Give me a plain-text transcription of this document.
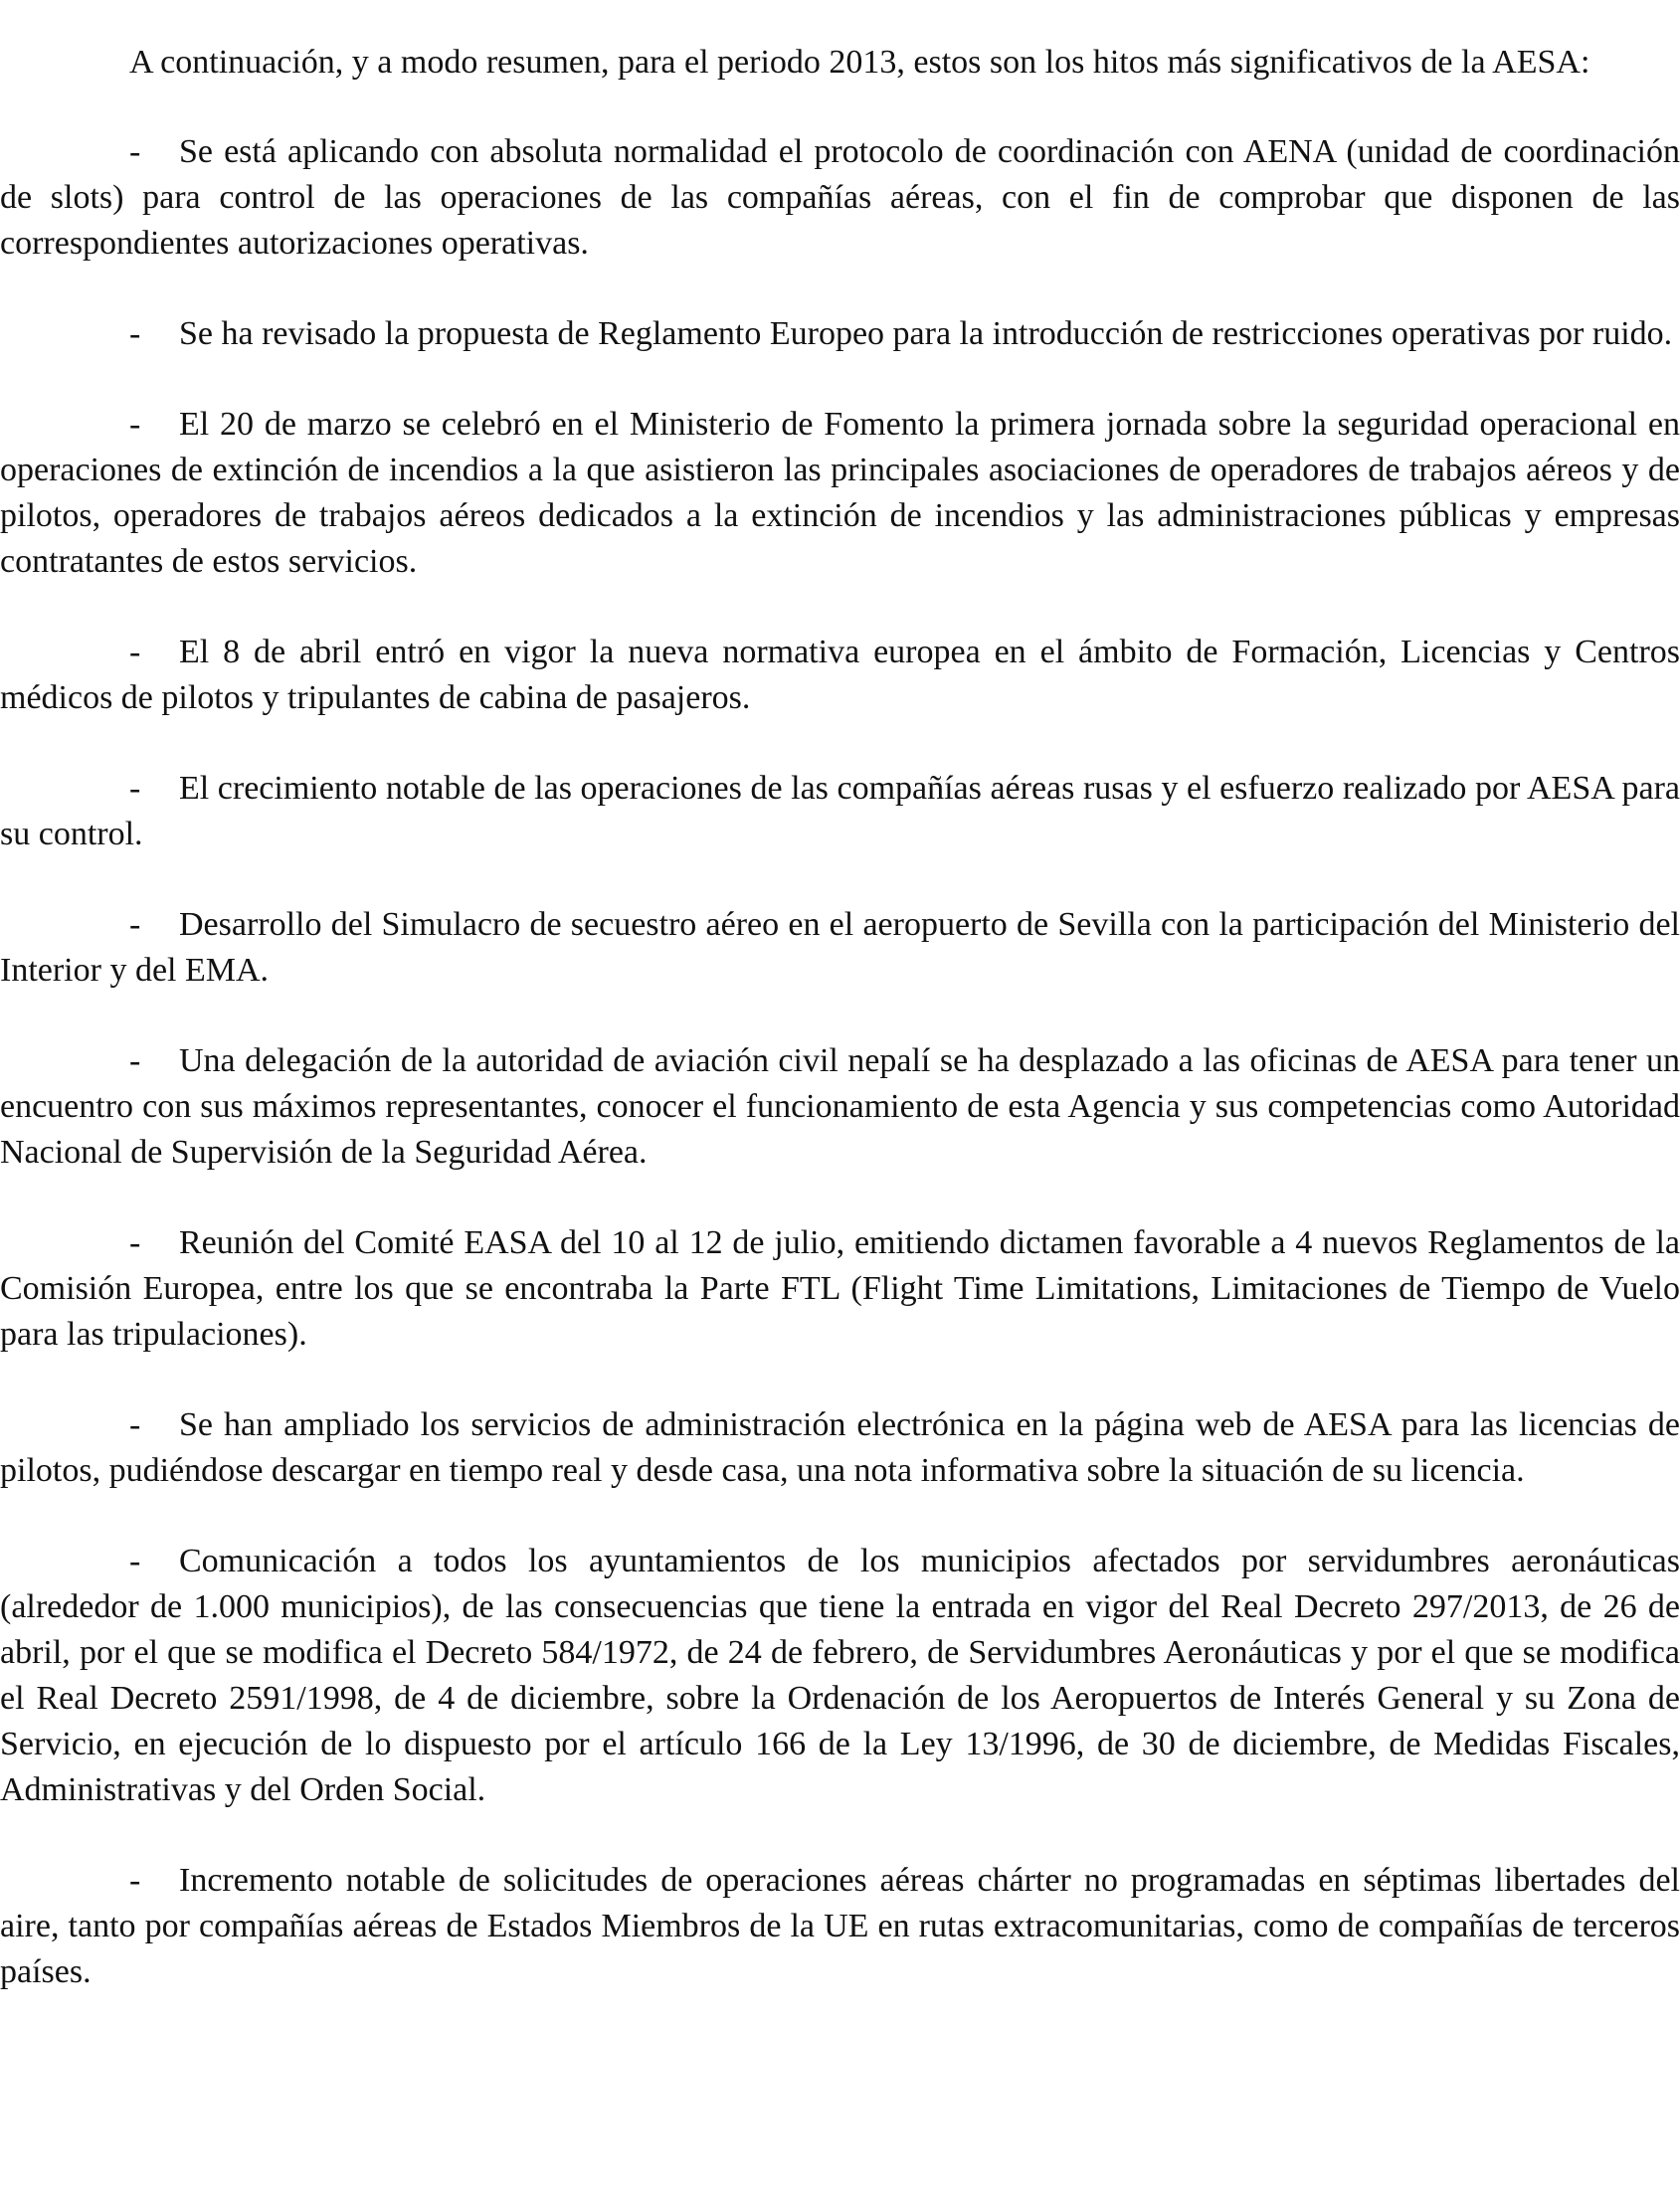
A continuación, y a modo resumen, para el periodo 2013, estos son los hitos más significativos de la AESA:

- Se está aplicando con absoluta normalidad el protocolo de coordinación con AENA (unidad de coordinación de slots) para control de las operaciones de las compañías aéreas, con el fin de comprobar que disponen de las correspondientes autorizaciones operativas.

- Se ha revisado la propuesta de Reglamento Europeo para la introducción de restricciones operativas por ruido.

- El 20 de marzo se celebró en el Ministerio de Fomento la primera jornada sobre la seguridad operacional en operaciones de extinción de incendios a la que asistieron las principales asociaciones de operadores de trabajos aéreos y de pilotos, operadores de trabajos aéreos dedicados a la extinción de incendios y las administraciones públicas y empresas contratantes de estos servicios.

- El 8 de abril entró en vigor la nueva normativa europea en el ámbito de Formación, Licencias y Centros médicos de pilotos y tripulantes de cabina de pasajeros.

- El crecimiento notable de las operaciones de las compañías aéreas rusas y el esfuerzo realizado por AESA para su control.

- Desarrollo del Simulacro de secuestro aéreo en el aeropuerto de Sevilla con la participación del Ministerio del Interior y del EMA.

- Una delegación de la autoridad de aviación civil nepalí se ha desplazado a las oficinas de AESA para tener un encuentro con sus máximos representantes, conocer el funcionamiento de esta Agencia y sus competencias como Autoridad Nacional de Supervisión de la Seguridad Aérea.

- Reunión del Comité EASA del 10 al 12 de julio, emitiendo dictamen favorable a 4 nuevos Reglamentos de la Comisión Europea, entre los que se encontraba la Parte FTL (Flight Time Limitations, Limitaciones de Tiempo de Vuelo para las tripulaciones).

- Se han ampliado los servicios de administración electrónica en la página web de AESA para las licencias de pilotos, pudiéndose descargar en tiempo real y desde casa, una nota informativa sobre la situación de su licencia.

- Comunicación a todos los ayuntamientos de los municipios afectados por servidumbres aeronáuticas (alrededor de 1.000 municipios), de las consecuencias que tiene la entrada en vigor del Real Decreto 297/2013, de 26 de abril, por el que se modifica el Decreto 584/1972, de 24 de febrero, de Servidumbres Aeronáuticas y por el que se modifica el Real Decreto 2591/1998, de 4 de diciembre, sobre la Ordenación de los Aeropuertos de Interés General y su Zona de Servicio, en ejecución de lo dispuesto por el artículo 166 de la Ley 13/1996, de 30 de diciembre, de Medidas Fiscales, Administrativas y del Orden Social.

- Incremento notable de solicitudes de operaciones aéreas chárter no programadas en séptimas libertades del aire, tanto por compañías aéreas de Estados Miembros de la UE en rutas extracomunitarias, como de compañías de terceros países.
